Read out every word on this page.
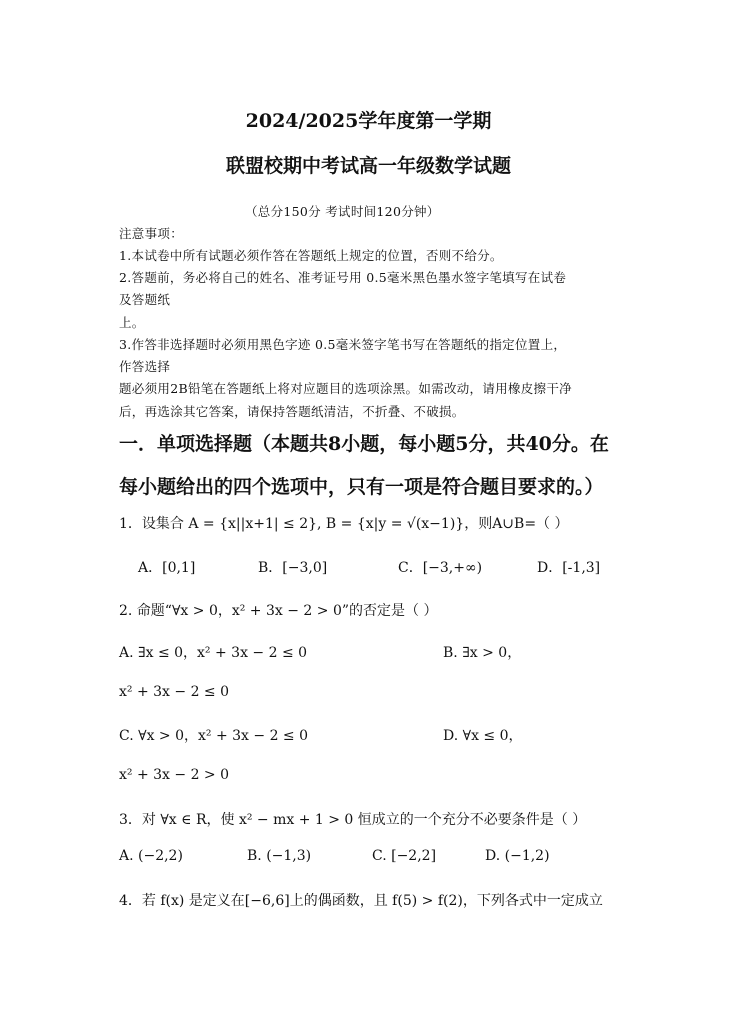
2024/2025学年度第一学期
联盟校期中考试高一年级数学试题
（总分150分 考试时间120分钟）
注意事项：
1.本试卷中所有试题必须作答在答题纸上规定的位置，否则不给分。
2.答题前，务必将自己的姓名、准考证号用 0.5毫米黑色墨水签字笔填写在试卷
及答题纸
上。
3.作答非选择题时必须用黑色字迹 0.5毫米签字笔书写在答题纸的指定位置上，
作答选择
题必须用2B铅笔在答题纸上将对应题目的选项涂黑。如需改动，请用橡皮擦干净
后，再选涂其它答案，请保持答题纸清洁，不折叠、不破损。
一．单项选择题（本题共8小题，每小题5分，共40分。在
每小题给出的四个选项中，只有一项是符合题目要求的。）
1．设集合 A = {x||x+1| ≤ 2}, B = {x|y = √(x−1)}，则A∪B=（ ）
A．[0,1]	B．[−3,0]	C．[−3,+∞)	D．[-1,3]
2. 命题“∀x > 0，x² + 3x − 2 > 0”的否定是（ ）
A. ∃x ≤ 0，x² + 3x − 2 ≤ 0	B. ∃x > 0，
x² + 3x − 2 ≤ 0
C. ∀x > 0，x² + 3x − 2 ≤ 0	D. ∀x ≤ 0，
x² + 3x − 2 > 0
3．对 ∀x ∈ R，使 x² − mx + 1 > 0 恒成立的一个充分不必要条件是（ ）
A. (−2,2)	B. (−1,3)	C. [−2,2]	D. (−1,2)
4．若 f(x) 是定义在[−6,6]上的偶函数，且 f(5) > f(2)，下列各式中一定成立
